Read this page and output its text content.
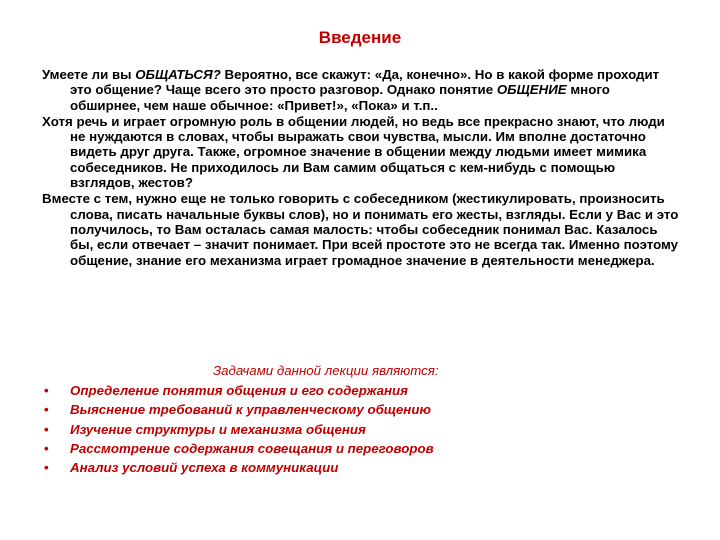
Введение

Умеете ли вы ОБЩАТЬСЯ? Вероятно, все скажут: «Да, конечно». Но в какой форме проходит это общение? Чаще всего это просто разговор. Однако понятие ОБЩЕНИЕ много обширнее, чем наше обычное: «Привет!», «Пока» и т.п..

Хотя речь и играет огромную роль в общении людей, но ведь все прекрасно знают, что люди не нуждаются в словах, чтобы выражать свои чувства, мысли. Им вполне достаточно видеть друг друга. Также, огромное значение в общении между людьми имеет мимика собеседников. Не приходилось ли Вам самим общаться с кем-нибудь с помощью взглядов, жестов?

Вместе с тем, нужно еще не только говорить с собеседником (жестикулировать, произносить слова, писать начальные буквы слов), но и понимать его жесты, взгляды. Если у Вас и это получилось, то Вам осталась самая малость: чтобы собеседник понимал Вас. Казалось бы, если отвечает – значит понимает. При всей простоте это не всегда так. Именно поэтому общение, знание его механизма играет громадное значение в деятельности менеджера.

Задачами данной лекции являются:
• Определение понятия общения и его содержания
• Выяснение требований к управленческому общению
• Изучение структуры и механизма общения
• Рассмотрение содержания совещания и переговоров
• Анализ условий успеха в коммуникации
